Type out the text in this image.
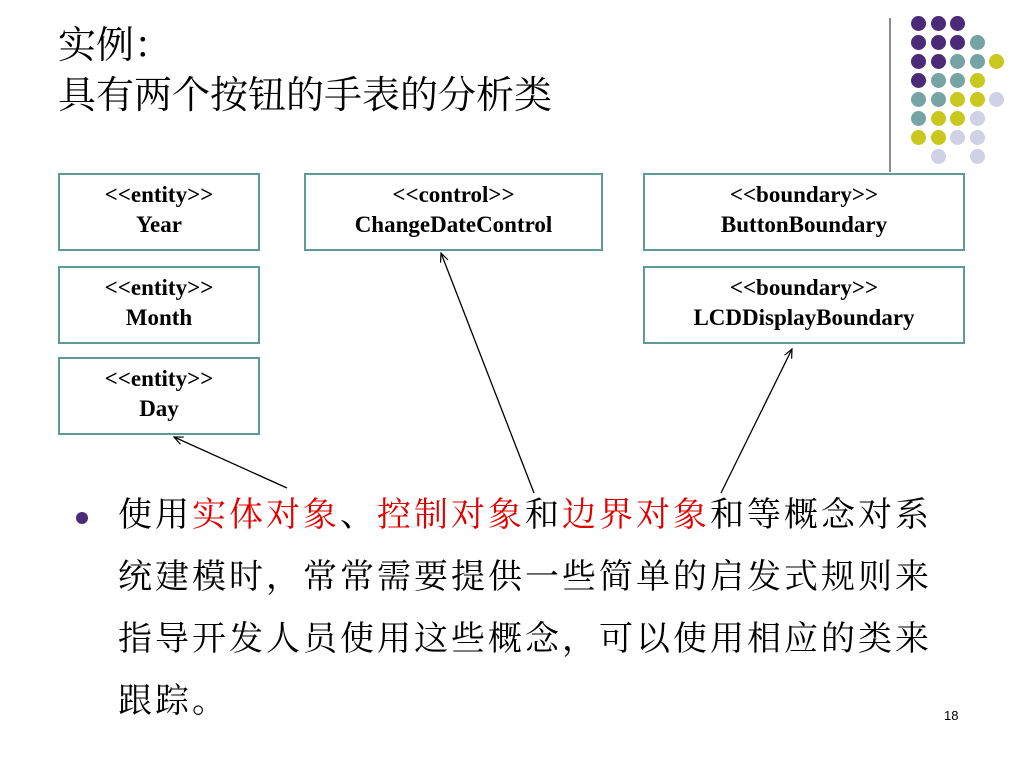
实例：
具有两个按钮的手表的分析类
<<entity>>
Year
<<entity>>
Month
<<entity>>
Day
<<control>>
ChangeDateControl
<<boundary>>
ButtonBoundary
<<boundary>>
LCDDisplayBoundary
使用实体对象、控制对象和边界对象和等概念对系统建模时，常常需要提供一些简单的启发式规则来指导开发人员使用这些概念，可以使用相应的类来跟踪。	18
